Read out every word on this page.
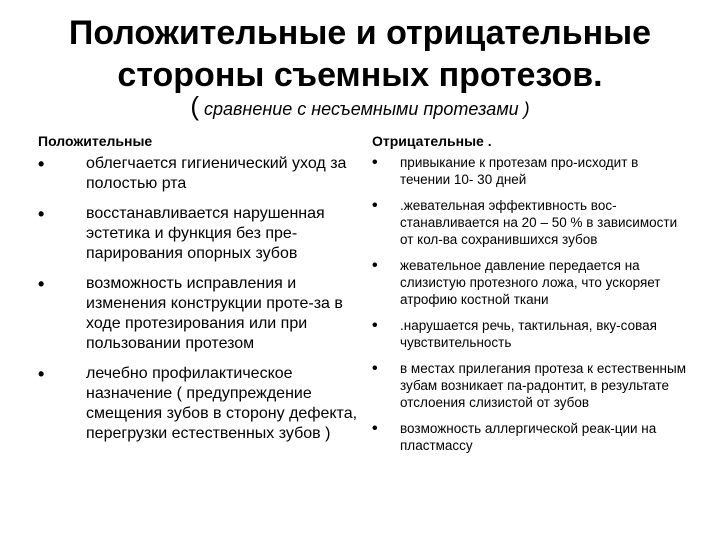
Положительные и отрицательные
стороны съемных протезов.
( сравнение с несъемными протезами )
Положительные
•	облегчается гигиенический уход за полостью рта
•	восстанавливается нарушенная эстетика и функция без пре-парирования опорных зубов
•	возможность исправления и изменения конструкции проте-за в ходе протезирования или при пользовании протезом
•	лечебно профилактическое назначение ( предупреждение смещения зубов в сторону дефекта, перегрузки естественных зубов )
Отрицательные .
• привыкание к протезам про-исходит в течении 10- 30 дней
• .жевательная эффективность вос-станавливается на 20 – 50 % в зависимости от кол-ва сохранившихся зубов
• жевательное давление передается на слизистую протезного ложа, что ускоряет атрофию костной ткани
• .нарушается речь, тактильная, вку-совая чувствительность
• в местах прилегания протеза к естественным зубам возникает па-радонтит, в результате отслоения слизистой от зубов
• возможность аллергической реак-ции на пластмассу
